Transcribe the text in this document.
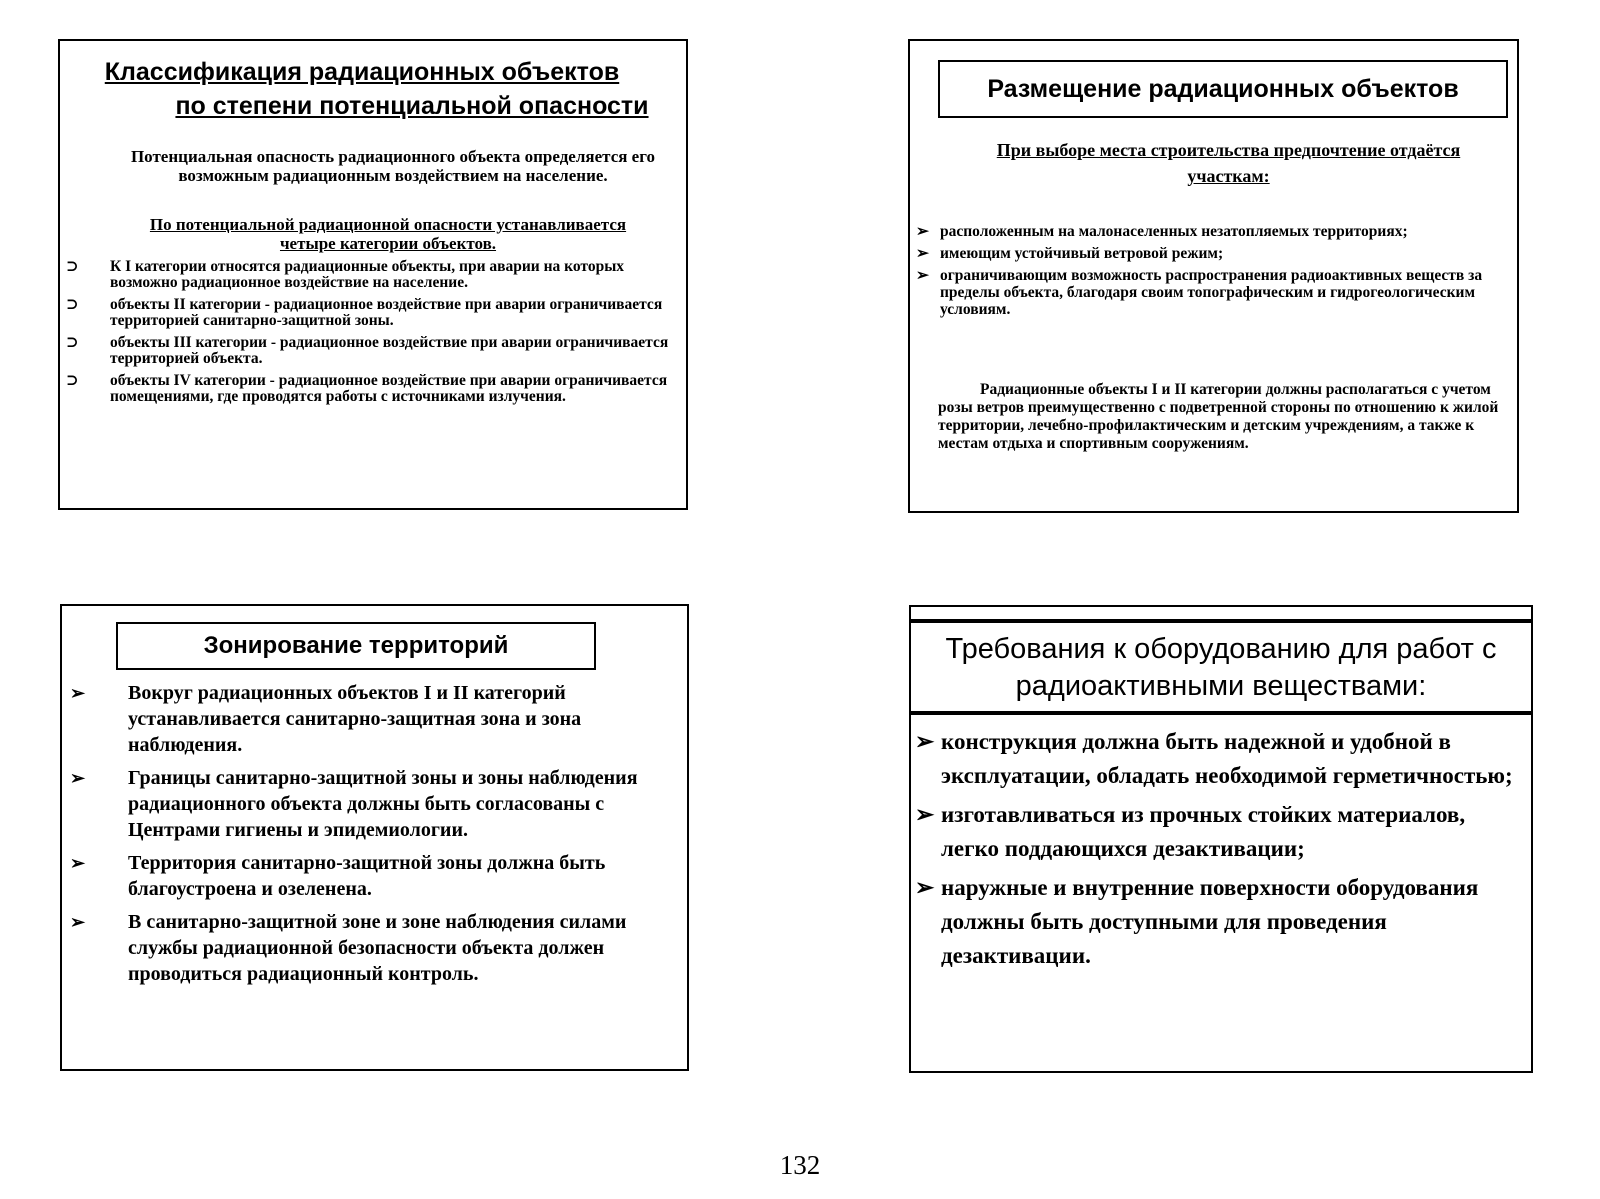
Классификация радиационных объектов
по степени потенциальной опасности
Потенциальная опасность радиационного объекта определяется его возможным радиационным воздействием на население.
По потенциальной радиационной опасности устанавливается четыре категории объектов.
⊃ К I категории относятся радиационные объекты, при аварии на которых возможно радиационное воздействие на население.
⊃ объекты II категории - радиационное воздействие при аварии ограничивается территорией санитарно-защитной зоны.
⊃ объекты III категории - радиационное воздействие при аварии ограничивается территорией объекта.
⊃ объекты IV категории - радиационное воздействие при аварии ограничивается помещениями, где проводятся работы с источниками излучения.
Размещение радиационных объектов
При выборе места строительства предпочтение отдаётся участкам:
➢ расположенным на малонаселенных незатопляемых территориях;
➢ имеющим устойчивый ветровой режим;
➢ ограничивающим возможность распространения радиоактивных веществ за пределы объекта, благодаря своим топографическим и гидрогеологическим условиям.
Радиационные объекты I и II категории должны располагаться с учетом розы ветров преимущественно с подветренной стороны по отношению к жилой территории, лечебно-профилактическим и детским учреждениям, а также к местам отдыха и спортивным сооружениям.
Зонирование территорий
➢ Вокруг радиационных объектов I и II категорий устанавливается санитарно-защитная зона и зона наблюдения.
➢ Границы санитарно-защитной зоны и зоны наблюдения радиационного объекта должны быть согласованы с Центрами гигиены и эпидемиологии.
➢ Территория санитарно-защитной зоны должна быть благоустроена и озеленена.
➢ В санитарно-защитной зоне и зоне наблюдения силами службы радиационной безопасности объекта должен проводиться радиационный контроль.
Требования к оборудованию для работ с радиоактивными веществами:
➢ конструкция должна быть надежной и удобной в эксплуатации, обладать необходимой герметичностью;
➢ изготавливаться из прочных стойких материалов, легко поддающихся дезактивации;
➢ наружные и внутренние поверхности оборудования должны быть доступными для проведения дезактивации.
132
